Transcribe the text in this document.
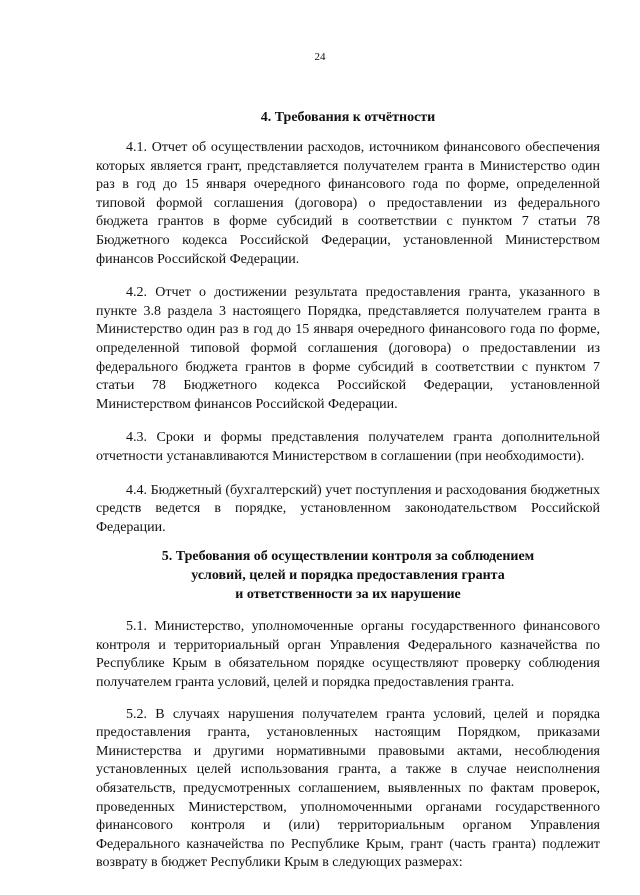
24
4. Требования к отчётности

4.1. Отчет об осуществлении расходов, источником финансового обеспечения которых является грант, представляется получателем гранта в Министерство один раз в год до 15 января очередного финансового года по форме, определенной типовой формой соглашения (договора) о предоставлении из федерального бюджета грантов в форме субсидий в соответствии с пунктом 7 статьи 78 Бюджетного кодекса Российской Федерации, установленной Министерством финансов Российской Федерации.

4.2. Отчет о достижении результата предоставления гранта, указанного в пункте 3.8 раздела 3 настоящего Порядка, представляется получателем гранта в Министерство один раз в год до 15 января очередного финансового года по форме, определенной типовой формой соглашения (договора) о предоставлении из федерального бюджета грантов в форме субсидий в соответствии с пунктом 7 статьи 78 Бюджетного кодекса Российской Федерации, установленной Министерством финансов Российской Федерации.

4.3. Сроки и формы представления получателем гранта дополнительной отчетности устанавливаются Министерством в соглашении (при необходимости).

4.4. Бюджетный (бухгалтерский) учет поступления и расходования бюджетных средств ведется в порядке, установленном законодательством Российской Федерации.

5. Требования об осуществлении контроля за соблюдением
условий, целей и порядка предоставления гранта
и ответственности за их нарушение

5.1. Министерство, уполномоченные органы государственного финансового контроля и территориальный орган Управления Федерального казначейства по Республике Крым в обязательном порядке осуществляют проверку соблюдения получателем гранта условий, целей и порядка предоставления гранта.

5.2. В случаях нарушения получателем гранта условий, целей и порядка предоставления гранта, установленных настоящим Порядком, приказами Министерства и другими нормативными правовыми актами, несоблюдения установленных целей использования гранта, а также в случае неисполнения обязательств, предусмотренных соглашением, выявленных по фактам проверок, проведенных Министерством, уполномоченными органами государственного финансового контроля и (или) территориальным органом Управления Федерального казначейства по Республике Крым, грант (часть гранта) подлежит возврату в бюджет Республики Крым в следующих размерах:
